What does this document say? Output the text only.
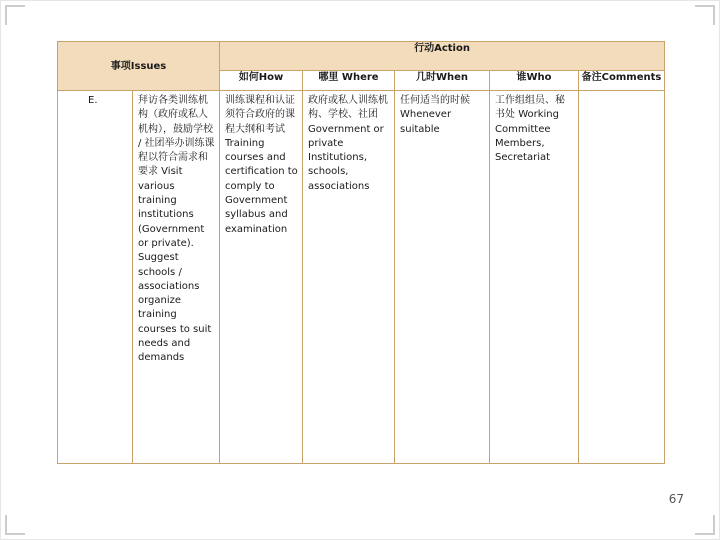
事项Issues		行动Action				
		如何How	哪里 Where	几时When	谁Who	备注Comments
E.	拜访各类训练机构（政府或私人机构），鼓励学校 / 社团举办训练课程以符合需求和要求 Visit various training institutions (Government or private). Suggest schools / associations organize training courses to suit needs and demands	训练课程和认证须符合政府的课程大纲和考试 Training courses and certification to comply to Government syllabus and examination	政府或私人训练机构、学校、社团 Government or private Institutions, schools, associations	任何适当的时候 Whenever suitable	工作组组员、秘书处 Working Committee Members, Secretariat	
67
